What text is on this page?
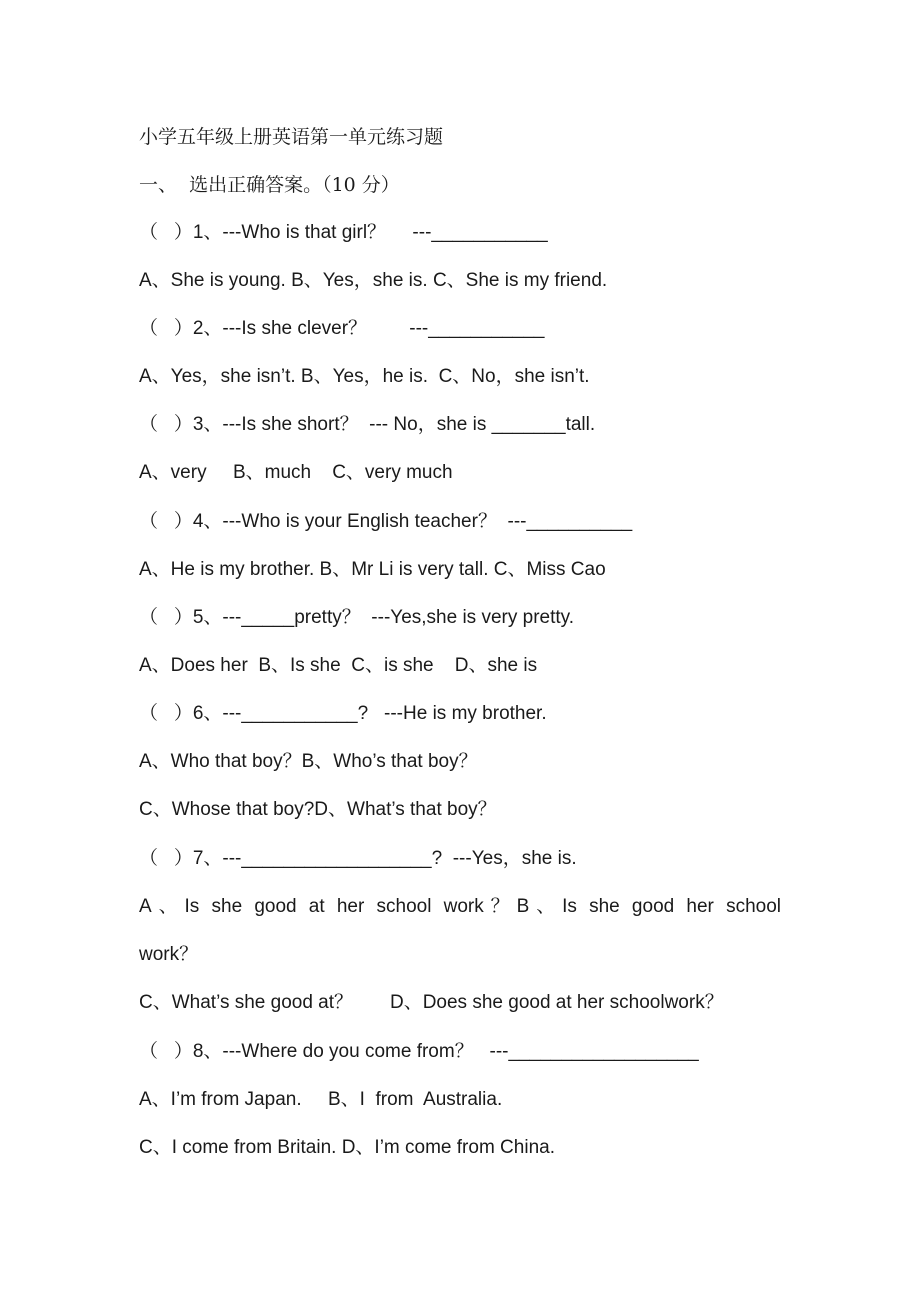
小学五年级上册英语第一单元练习题
一、  选出正确答案。（10 分）
（   ）1、---Who is that girl？     ---___________
A、She is young. B、Yes，she is. C、She is my friend.
（   ）2、---Is she clever？        ---___________
A、Yes，she isn’t. B、Yes，he is.  C、No，she isn’t.
（   ）3、---Is she short？  --- No，she is _______tall.
A、very     B、much    C、very much
（   ）4、---Who is your English teacher？  ---__________
A、He is my brother. B、Mr Li is very tall. C、Miss Cao
（   ）5、---_____pretty？  ---Yes,she is very pretty.
A、Does her  B、Is she  C、is she    D、she is
（   ）6、---___________?   ---He is my brother.
A、Who that boy？B、Who’s that boy？
C、Whose that boy?D、What’s that boy？
（   ）7、---__________________?  ---Yes，she is.
A、Is she good at her school work？B、Is she good her school
work？
C、What’s she good at？       D、Does she good at her schoolwork？
（   ）8、---Where do you come from？   ---__________________
A、I’m from Japan.     B、I  from  Australia.
C、I come from Britain. D、I’m come from China.
